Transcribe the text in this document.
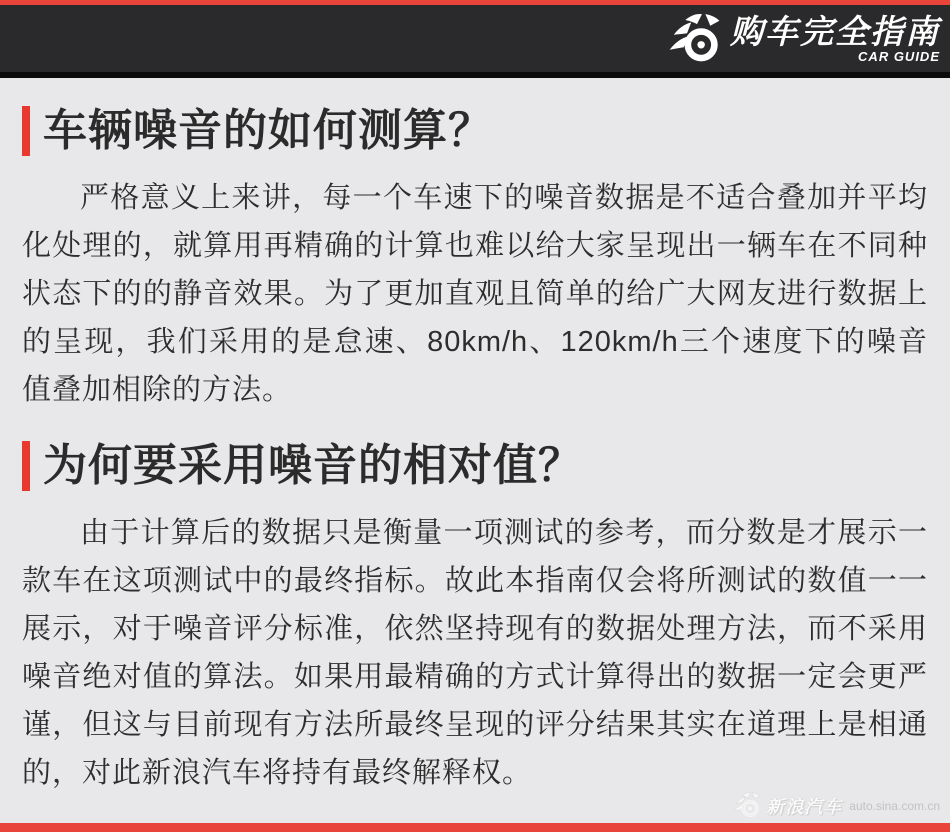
购车完全指南
CAR GUIDE
车辆噪音的如何测算？

严格意义上来讲，每一个车速下的噪音数据是不适合叠加并平均化处理的，就算用再精确的计算也难以给大家呈现出一辆车在不同种状态下的的静音效果。为了更加直观且简单的给广大网友进行数据上的呈现，我们采用的是怠速、80km/h、120km/h三个速度下的噪音值叠加相除的方法。

为何要采用噪音的相对值？

由于计算后的数据只是衡量一项测试的参考，而分数是才展示一款车在这项测试中的最终指标。故此本指南仅会将所测试的数值一一展示，对于噪音评分标准，依然坚持现有的数据处理方法，而不采用噪音绝对值的算法。如果用最精确的方式计算得出的数据一定会更严谨，但这与目前现有方法所最终呈现的评分结果其实在道理上是相通的，对此新浪汽车将持有最终解释权。

新浪汽车 auto.sina.com.cn
